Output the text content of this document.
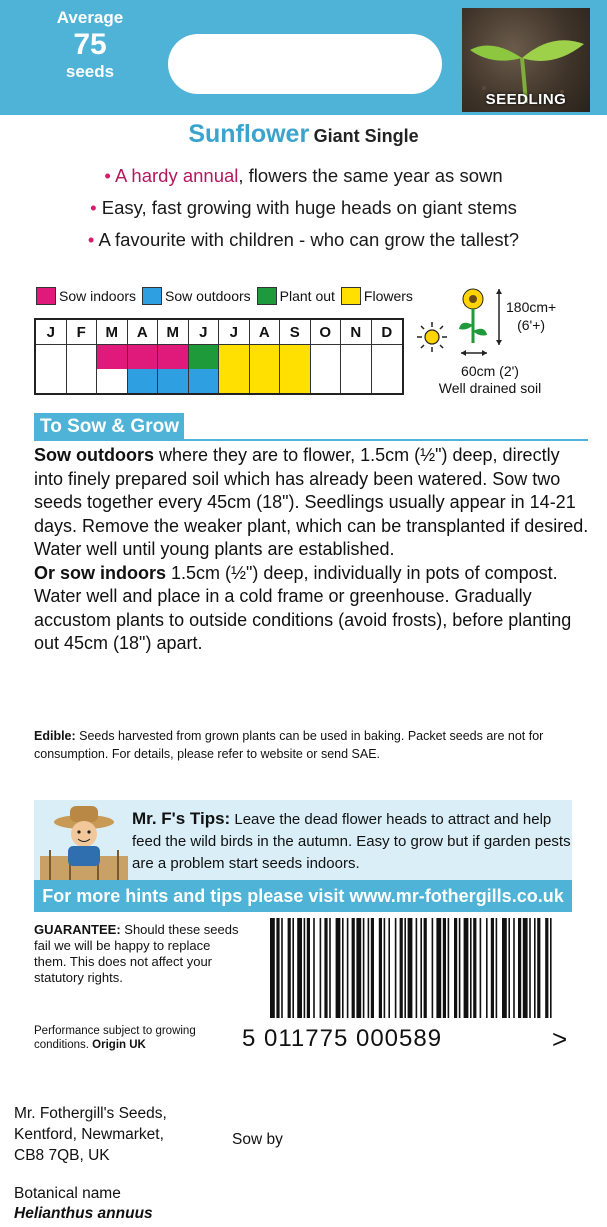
Average
75
seeds
SEEDLING
Sunflower Giant Single
• A hardy annual, flowers the same year as sown
• Easy, fast growing with huge heads on giant stems
• A favourite with children - who can grow the tallest?
Sow indoors Sow outdoors Plant out Flowers
J	F	M	A	M	J	J	A	S	O	N	D
180cm+
(6'+)
60cm (2')
Well drained soil
To Sow & Grow

Sow outdoors where they are to flower, 1.5cm (½") deep, directly into finely prepared soil which has already been watered. Sow two seeds together every 45cm (18"). Seedlings usually appear in 14-21 days. Remove the weaker plant, which can be transplanted if desired. Water well until young plants are established.

Or sow indoors 1.5cm (½") deep, individually in pots of compost. Water well and place in a cold frame or greenhouse. Gradually accustom plants to outside conditions (avoid frosts), before planting out 45cm (18") apart.

Edible: Seeds harvested from grown plants can be used in baking. Packet seeds are not for consumption. For details, please refer to website or send SAE.
Mr. F's Tips: Leave the dead flower heads to attract and help feed the wild birds in the autumn. Easy to grow but if garden pests are a problem start seeds indoors.
For more hints and tips please visit www.mr-fothergills.co.uk
GUARANTEE: Should these seeds fail we will be happy to replace them. This does not affect your statutory rights.
Performance subject to growing conditions. Origin UK	5 011775 000589	>
Mr. Fothergill's Seeds,
Kentford, Newmarket,
CB8 7QB, UK
Sow by
Botanical name
Helianthus annuus
